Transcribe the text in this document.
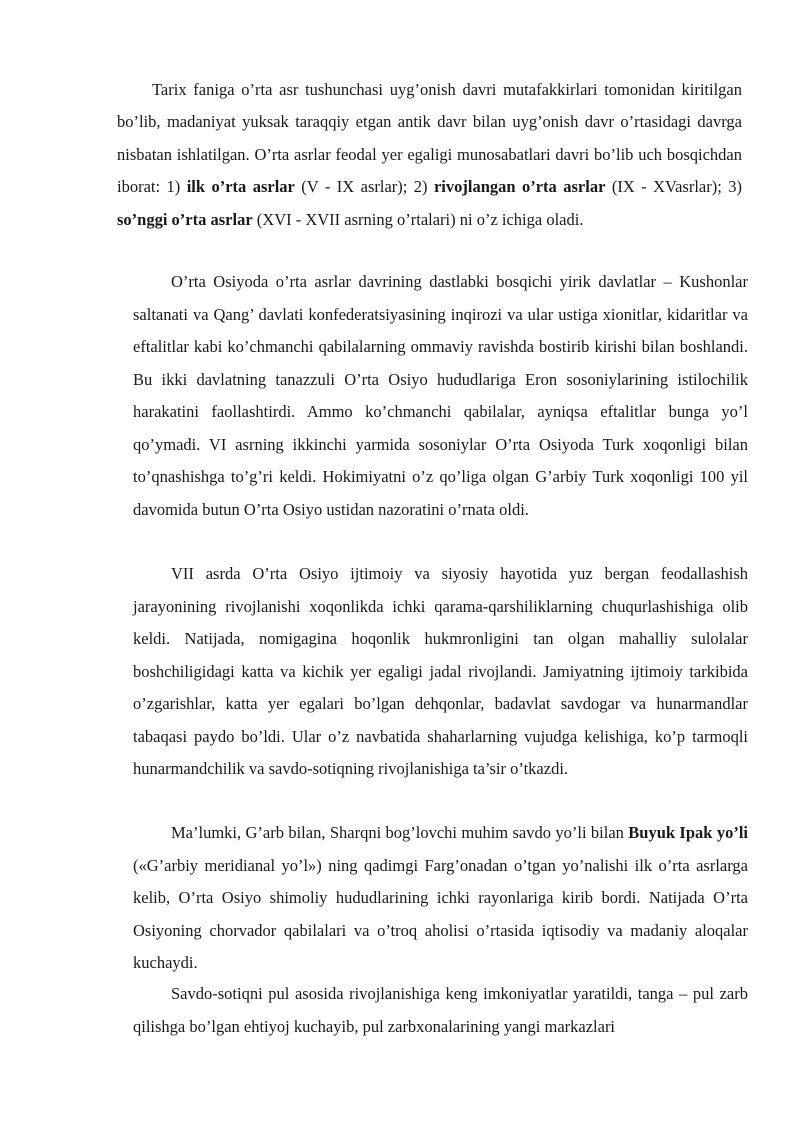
Tarix faniga o’rta asr tushunchasi uyg’onish davri mutafakkirlari tomonidan kiritilgan bo’lib, madaniyat yuksak taraqqiy etgan antik davr bilan uyg’onish davr o’rtasidagi davrga nisbatan ishlatilgan. O’rta asrlar feodal yer egaligi munosabatlari davri bo’lib uch bosqichdan iborat: 1) ilk o’rta asrlar (V - IX asrlar); 2) rivojlangan o’rta asrlar (IX - XVasrlar); 3) so’nggi o’rta asrlar (XVI - XVII asrning o’rtalari) ni o’z ichiga oladi.

O’rta Osiyoda o’rta asrlar davrining dastlabki bosqichi yirik davlatlar – Kushonlar saltanati va Qang’ davlati konfederatsiyasining inqirozi va ular ustiga xionitlar, kidaritlar va eftalitlar kabi ko’chmanchi qabilalarning ommaviy ravishda bostirib kirishi bilan boshlandi. Bu ikki davlatning tanazzuli O’rta Osiyo hududlariga Eron sosoniylarining istilochilik harakatini faollashtirdi. Ammo ko’chmanchi qabilalar, ayniqsa eftalitlar bunga yo’l qo’ymadi. VI asrning ikkinchi yarmida sosoniylar O’rta Osiyoda Turk xoqonligi bilan to’qnashishga to’g’ri keldi. Hokimiyatni o’z qo’liga olgan G’arbiy Turk xoqonligi 100 yil davomida butun O’rta Osiyo ustidan nazoratini o’rnata oldi.

VII asrda O’rta Osiyo ijtimoiy va siyosiy hayotida yuz bergan feodallashish jarayonining rivojlanishi xoqonlikda ichki qarama-qarshiliklarning chuqurlashishiga olib keldi. Natijada, nomigagina hoqonlik hukmronligini tan olgan mahalliy sulolalar boshchiligidagi katta va kichik yer egaligi jadal rivojlandi. Jamiyatning ijtimoiy tarkibida o’zgarishlar, katta yer egalari bo’lgan dehqonlar, badavlat savdogar va hunarmandlar tabaqasi paydo bo’ldi. Ular o’z navbatida shaharlarning vujudga kelishiga, ko’p tarmoqli hunarmandchilik va savdo-sotiqning rivojlanishiga ta’sir o’tkazdi.

Ma’lumki, G’arb bilan, Sharqni bog’lovchi muhim savdo yo’li bilan Buyuk Ipak yo’li («G’arbiy meridianal yo’l») ning qadimgi Farg’onadan o’tgan yo’nalishi ilk o’rta asrlarga kelib, O’rta Osiyo shimoliy hududlarining ichki rayonlariga kirib bordi. Natijada O’rta Osiyoning chorvador qabilalari va o’troq aholisi o’rtasida iqtisodiy va madaniy aloqalar kuchaydi.

Savdo-sotiqni pul asosida rivojlanishiga keng imkoniyatlar yaratildi, tanga – pul zarb qilishga bo’lgan ehtiyoj kuchayib, pul zarbxonalarining yangi markazlari
